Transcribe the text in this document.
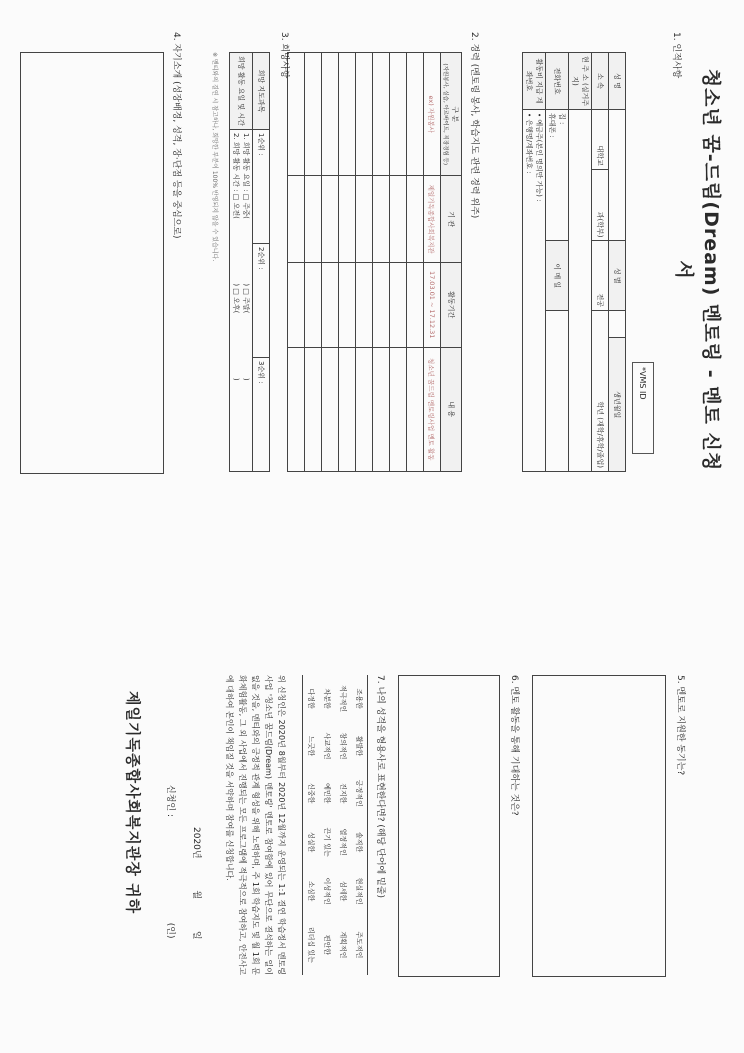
청소년 꿈-드림(Dream) 멘토링 - 멘토 신청서
*VMS ID
1. 인적사항
성 명			성 별		생년월일
소 속	대학교	과(학부)	전공	학년 (재학/휴학/졸업)	
현 주 소 (실거주지)					
전화번호	집 :
휴대폰 :		이 메 일		
활동비 지급 계좌번호	• 예금주(본인 명의만 가능) :
• 은행명/계좌번호 :				
2. 경력 (멘토링 봉사, 학습지도 관련 경력 위주)
구 분
(자원봉사, 실습, 아르바이트, 직장경험 등)	기 관	활동기간	내 용
ex) 자원봉사	제일기독종합사회복지관	17.03.01 ~ 17.12.31	청소년 꿈드림 멘토링사업 멘토 활동

3. 희망사항
희망 지도과목	1순위 :	2순위 :	3순위 :
희망 활동 요일 및 시간	1. 희망 활동 요일 : □ 주중(  ) □ 주말(  )
2. 희망 활동 시간 : □ 오전(  ) □ 오후(  )		
※ 멘티와의 결연 시 참고하나, 희망한 부분이 100% 반영되지 않을 수 있습니다.
4. 자기소개 (성장배경, 성격, 장·단점 등을 중심으로)
5. 멘토로 지원한 동기는?
6. 멘토 활동을 통해 기대하는 것은?
7. 나의 성격을 형용사로 표현한다면? (해당 단어에 밑줄)
조용한	활발한	긍정적인	솔직한	현실적인	주도적인
적극적인	창의적인	진지한	열정적인	섬세한	계획적인
차분한	사교적인	예민한	끈기 있는	이성적인	편안한
다정한	느긋한	신중한	성실한	소심한	리더십 있는
위 신청인은 2020년 8월부터 2020년 12월까지 운영되는 1:1 결연 학습정서 멘토링사업 '청소년 꿈드림(Dream) 멘토링' 멘토로 참여함에 있어 무단으로 결석하는 일이 없을 것을, 멘티와의 긍정적 관계 형성을 위해 노력하며, 주 1회 학습지도 및 월 1회 문화체험활동, 그 외 사업에서 진행되는 모든 프로그램에 적극적으로 참여하고, 안전사고에 대하여 본인이 책임질 것을 서약하며 참여를 신청합니다.
2020년  월  일
신청인 :  (인)
제일기독종합사회복지관장 귀하
